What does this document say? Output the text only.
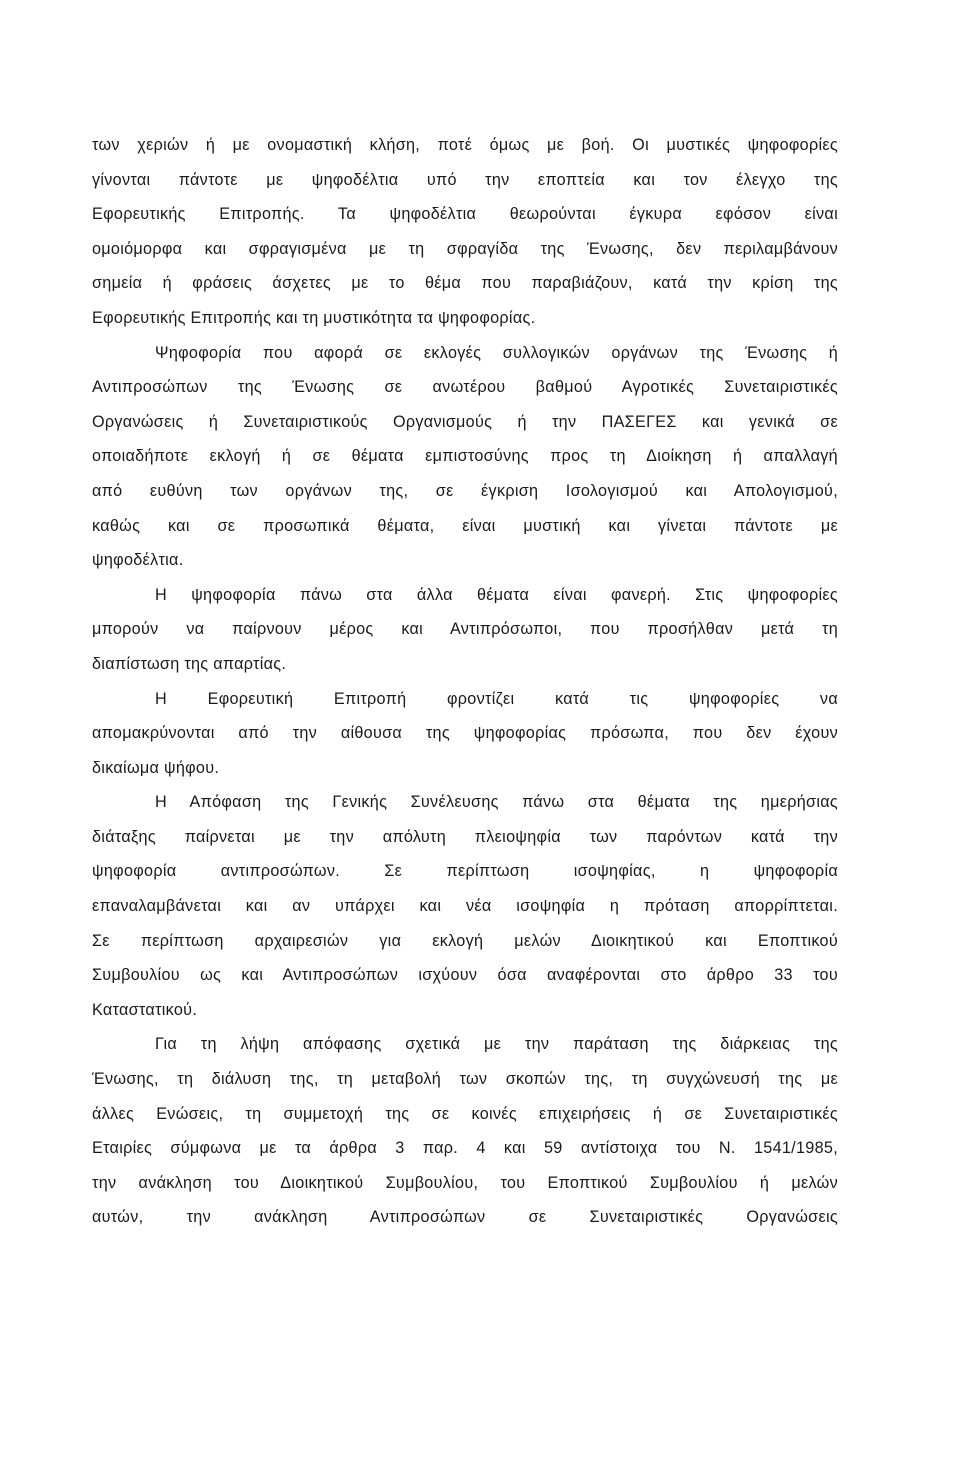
των χεριών ή με ονομαστική κλήση, ποτέ όμως με βοή. Οι μυστικές ψηφοφορίες
γίνονται πάντοτε με ψηφοδέλτια υπό την εποπτεία και τον έλεγχο της
Εφορευτικής Επιτροπής. Τα ψηφοδέλτια θεωρούνται έγκυρα εφόσον είναι
ομοιόμορφα και σφραγισμένα με τη σφραγίδα της Ένωσης, δεν περιλαμβάνουν
σημεία ή φράσεις άσχετες με το θέμα που παραβιάζουν, κατά την κρίση της
Εφορευτικής Επιτροπής και τη μυστικότητα τα ψηφοφορίας.
Ψηφοφορία που αφορά σε εκλογές συλλογικών οργάνων της Ένωσης ή
Αντιπροσώπων της Ένωσης σε ανωτέρου βαθμού Αγροτικές Συνεταιριστικές
Οργανώσεις ή Συνεταιριστικούς Οργανισμούς ή την ΠΑΣΕΓΕΣ και γενικά σε
οποιαδήποτε εκλογή ή σε θέματα εμπιστοσύνης προς τη Διοίκηση ή απαλλαγή
από ευθύνη των οργάνων της, σε έγκριση Ισολογισμού και Απολογισμού,
καθώς και σε προσωπικά θέματα, είναι μυστική και γίνεται πάντοτε με
ψηφοδέλτια.
Η ψηφοφορία πάνω στα άλλα θέματα είναι φανερή. Στις ψηφοφορίες
μπορούν να παίρνουν μέρος και Αντιπρόσωποι, που προσήλθαν μετά τη
διαπίστωση της απαρτίας.
Η Εφορευτική Επιτροπή φροντίζει κατά τις ψηφοφορίες να
απομακρύνονται από την αίθουσα της ψηφοφορίας πρόσωπα, που δεν έχουν
δικαίωμα ψήφου.
Η Απόφαση της Γενικής Συνέλευσης πάνω στα θέματα της ημερήσιας
διάταξης παίρνεται με την απόλυτη πλειοψηφία των παρόντων κατά την
ψηφοφορία αντιπροσώπων. Σε περίπτωση ισοψηφίας, η ψηφοφορία
επαναλαμβάνεται και αν υπάρχει και νέα ισοψηφία η πρόταση απορρίπτεται.
Σε περίπτωση αρχαιρεσιών για εκλογή μελών Διοικητικού και Εποπτικού
Συμβουλίου ως και Αντιπροσώπων ισχύουν όσα αναφέρονται στο άρθρο 33 του
Καταστατικού.
Για τη λήψη απόφασης σχετικά με την παράταση της διάρκειας της
Ένωσης, τη διάλυση της, τη μεταβολή των σκοπών της, τη συγχώνευσή της με
άλλες Ενώσεις, τη συμμετοχή της σε κοινές επιχειρήσεις ή σε Συνεταιριστικές
Εταιρίες σύμφωνα με τα άρθρα 3 παρ. 4 και 59 αντίστοιχα του Ν. 1541/1985,
την ανάκληση του Διοικητικού Συμβουλίου, του Εποπτικού Συμβουλίου ή μελών
αυτών, την ανάκληση Αντιπροσώπων σε Συνεταιριστικές Οργανώσεις
